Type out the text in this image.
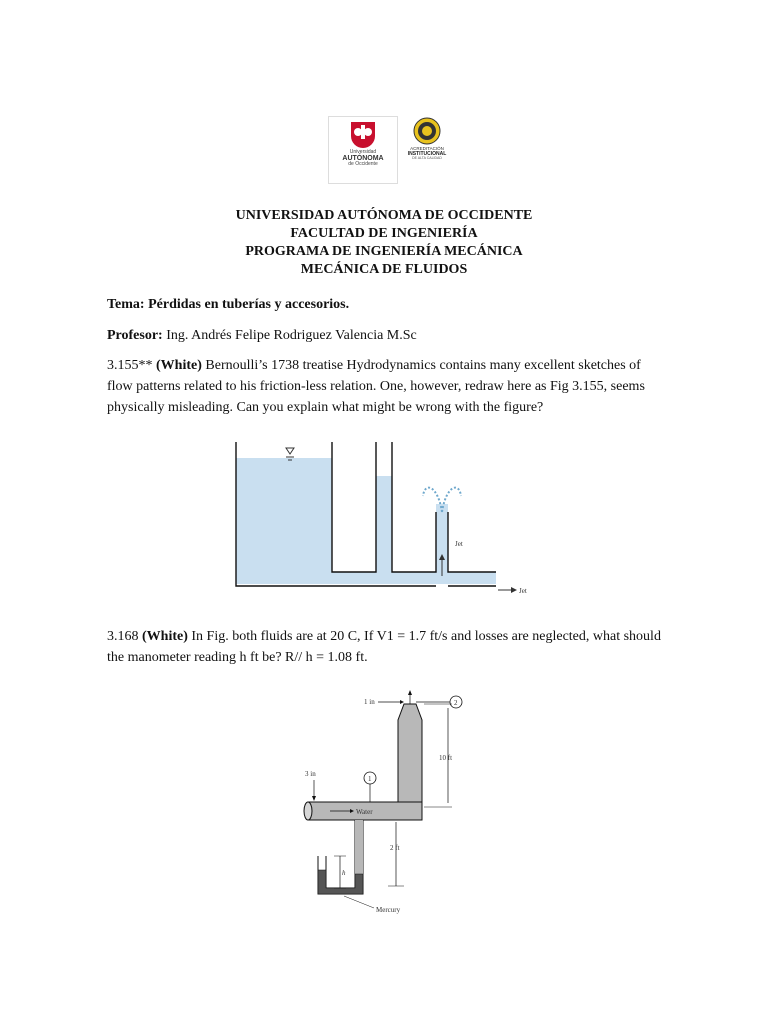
Universidad
AUTÓNOMA
de Occidente
ACREDITACIÓN
INSTITUCIONAL
DE ALTA CALIDAD
UNIVERSIDAD AUTÓNOMA DE OCCIDENTE
FACULTAD DE INGENIERÍA
PROGRAMA DE INGENIERÍA MECÁNICA
MECÁNICA DE FLUIDOS
Tema: Pérdidas en tuberías y accesorios.
Profesor: Ing. Andrés Felipe Rodriguez Valencia M.Sc
3.155** (White) Bernoulli’s 1738 treatise Hydrodynamics contains many excellent sketches of flow patterns related to his friction-less relation. One, however, redraw here as Fig 3.155, seems physically misleading. Can you explain what might be wrong with the figure?
Jet
Jet
3.168 (White) In Fig. both fluids are at 20 C, If V1 = 1.7 ft/s and losses are neglected, what should the manometer reading h ft be? R// h = 1.08 ft.
1 in	2
10 ft
3 in
1
Water
2 ft
h
Mercury
